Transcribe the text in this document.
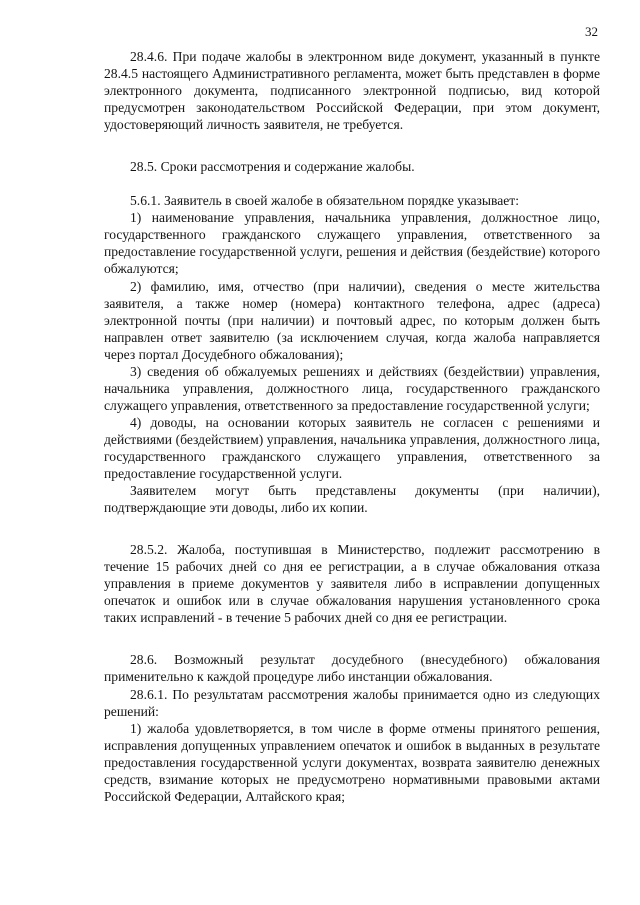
32

28.4.6. При подаче жалобы в электронном виде документ, указанный в пункте 28.4.5 настоящего Административного регламента, может быть представлен в форме электронного документа, подписанного электронной подписью, вид которой предусмотрен законодательством Российской Федерации, при этом документ, удостоверяющий личность заявителя, не требуется.

28.5. Сроки рассмотрения и содержание жалобы.

5.6.1. Заявитель в своей жалобе в обязательном порядке указывает:

1) наименование управления, начальника управления, должностное лицо, государственного гражданского служащего управления, ответственного за предоставление государственной услуги, решения и действия (бездействие) которого обжалуются;

2) фамилию, имя, отчество (при наличии), сведения о месте жительства заявителя, а также номер (номера) контактного телефона, адрес (адреса) электронной почты (при наличии) и почтовый адрес, по которым должен быть направлен ответ заявителю (за исключением случая, когда жалоба направляется через портал Досудебного обжалования);

3) сведения об обжалуемых решениях и действиях (бездействии) управления, начальника управления, должностного лица, государственного гражданского служащего управления, ответственного за предоставление государственной услуги;

4) доводы, на основании которых заявитель не согласен с решениями и действиями (бездействием) управления, начальника управления, должностного лица, государственного гражданского служащего управления, ответственного за предоставление государственной услуги.

Заявителем могут быть представлены документы (при наличии), подтверждающие эти доводы, либо их копии.

28.5.2. Жалоба, поступившая в Министерство, подлежит рассмотрению в течение 15 рабочих дней со дня ее регистрации, а в случае обжалования отказа управления в приеме документов у заявителя либо в исправлении допущенных опечаток и ошибок или в случае обжалования нарушения установленного срока таких исправлений - в течение 5 рабочих дней со дня ее регистрации.

28.6. Возможный результат досудебного (внесудебного) обжалования применительно к каждой процедуре либо инстанции обжалования.

28.6.1. По результатам рассмотрения жалобы принимается одно из следующих решений:

1) жалоба удовлетворяется, в том числе в форме отмены принятого решения, исправления допущенных управлением опечаток и ошибок в выданных в результате предоставления государственной услуги документах, возврата заявителю денежных средств, взимание которых не предусмотрено нормативными правовыми актами Российской Федерации, Алтайского края;
